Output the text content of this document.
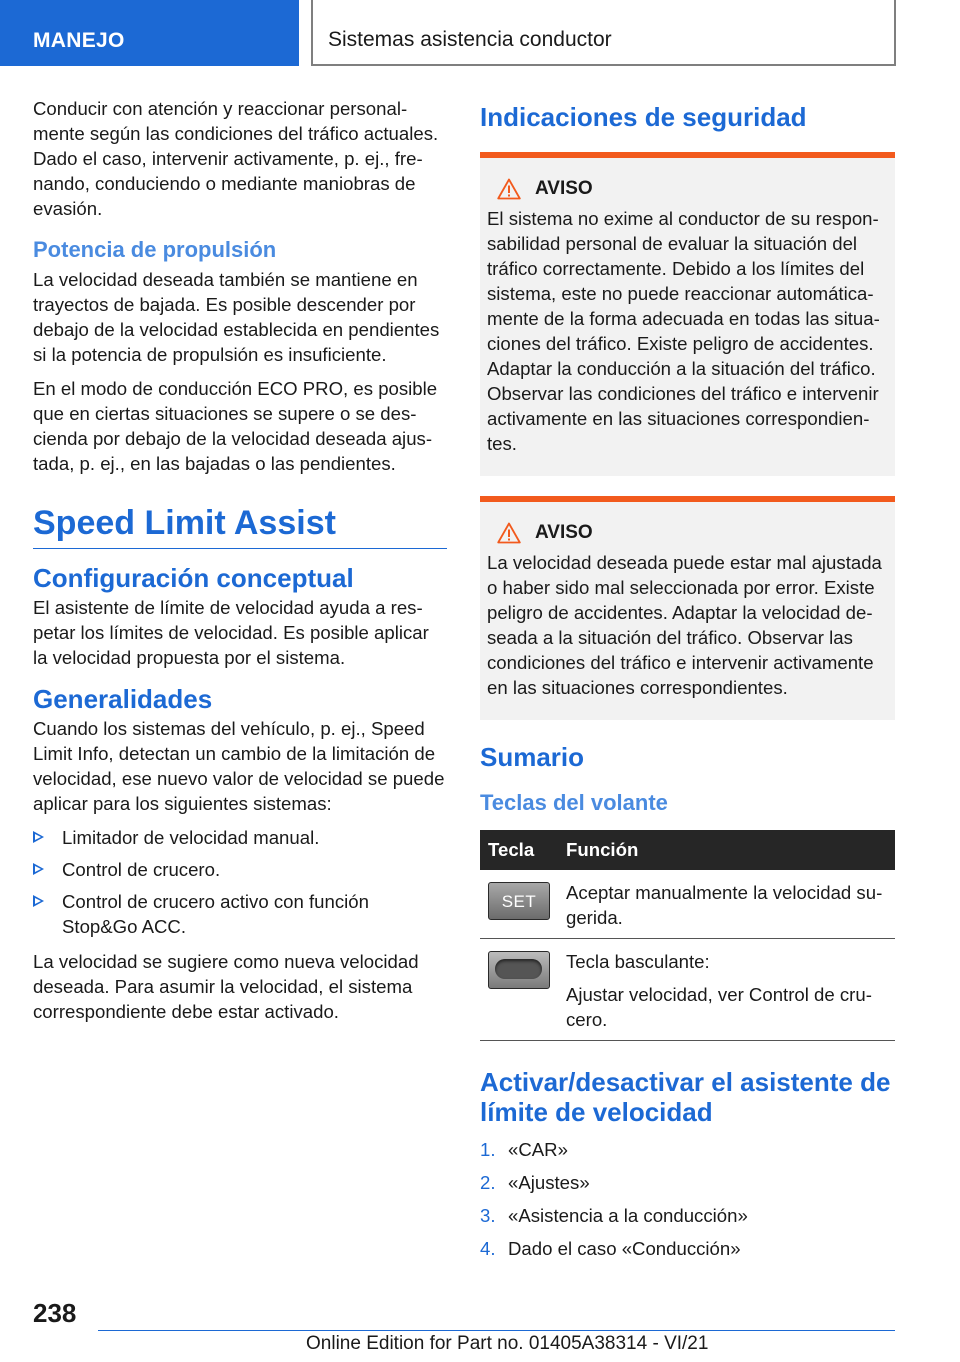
MANEJO	Sistemas asistencia conductor

Conducir con atención y reaccionar personalmente según las condiciones del tráfico actuales. Dado el caso, intervenir activamente, p. ej., frenando, conduciendo o mediante maniobras de evasión.

Potencia de propulsión

La velocidad deseada también se mantiene en trayectos de bajada. Es posible descender por debajo de la velocidad establecida en pendientes si la potencia de propulsión es insuficiente.

En el modo de conducción ECO PRO, es posible que en ciertas situaciones se supere o se descienda por debajo de la velocidad deseada ajustada, p. ej., en las bajadas o las pendientes.

Speed Limit Assist
Configuración conceptual

El asistente de límite de velocidad ayuda a respetar los límites de velocidad. Es posible aplicar la velocidad propuesta por el sistema.

Generalidades

Cuando los sistemas del vehículo, p. ej., Speed Limit Info, detectan un cambio de la limitación de velocidad, ese nuevo valor de velocidad se puede aplicar para los siguientes sistemas:

Limitador de velocidad manual.
Control de crucero.
Control de crucero activo con función Stop&Go ACC.

La velocidad se sugiere como nueva velocidad deseada. Para asumir la velocidad, el sistema correspondiente debe estar activado.

Indicaciones de seguridad
AVISO

El sistema no exime al conductor de su responsabilidad personal de evaluar la situación del tráfico correctamente. Debido a los límites del sistema, este no puede reaccionar automáticamente de la forma adecuada en todas las situaciones del tráfico. Existe peligro de accidentes. Adaptar la conducción a la situación del tráfico. Observar las condiciones del tráfico e intervenir activamente en las situaciones correspondientes.

AVISO

La velocidad deseada puede estar mal ajustada o haber sido mal seleccionada por error. Existe peligro de accidentes. Adaptar la velocidad deseada a la situación del tráfico. Observar las condiciones del tráfico e intervenir activamente en las situaciones correspondientes.

Sumario
Teclas del volante
Tecla	Función

SET	Aceptar manualmente la velocidad sugerida.

	Tecla basculante:
Ajustar velocidad, ver Control de crucero.
Activar/desactivar el asistente de límite de velocidad
1. «CAR»
2. «Ajustes»
3. «Asistencia a la conducción»
4. Dado el caso «Conducción»
238
Online Edition for Part no. 01405A38314 - VI/21
